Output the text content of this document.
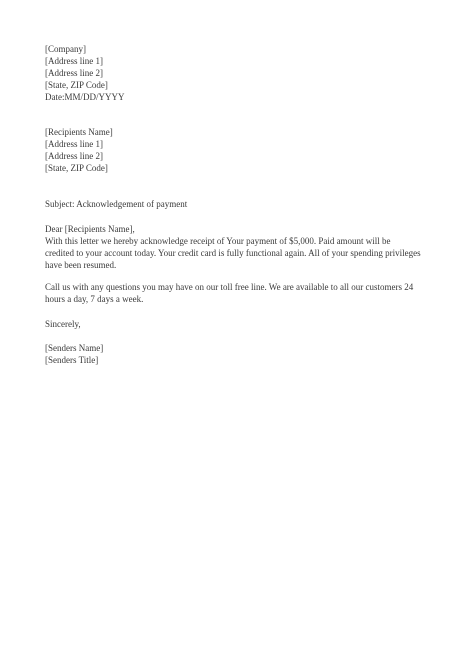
[Company]
[Address line 1]
[Address line 2]
[State, ZIP Code]
Date:MM/DD/YYYY
[Recipients Name]
[Address line 1]
[Address line 2]
[State, ZIP Code]
Subject: Acknowledgement of payment
Dear [Recipients Name],
With this letter we hereby acknowledge receipt of Your payment of $5,000. Paid amount will be
credited to your account today. Your credit card is fully functional again. All of your spending privileges
have been resumed.
Call us with any questions you may have on our toll free line. We are available to all our customers 24
hours a day, 7 days a week.
Sincerely,
[Senders Name]
[Senders Title]
